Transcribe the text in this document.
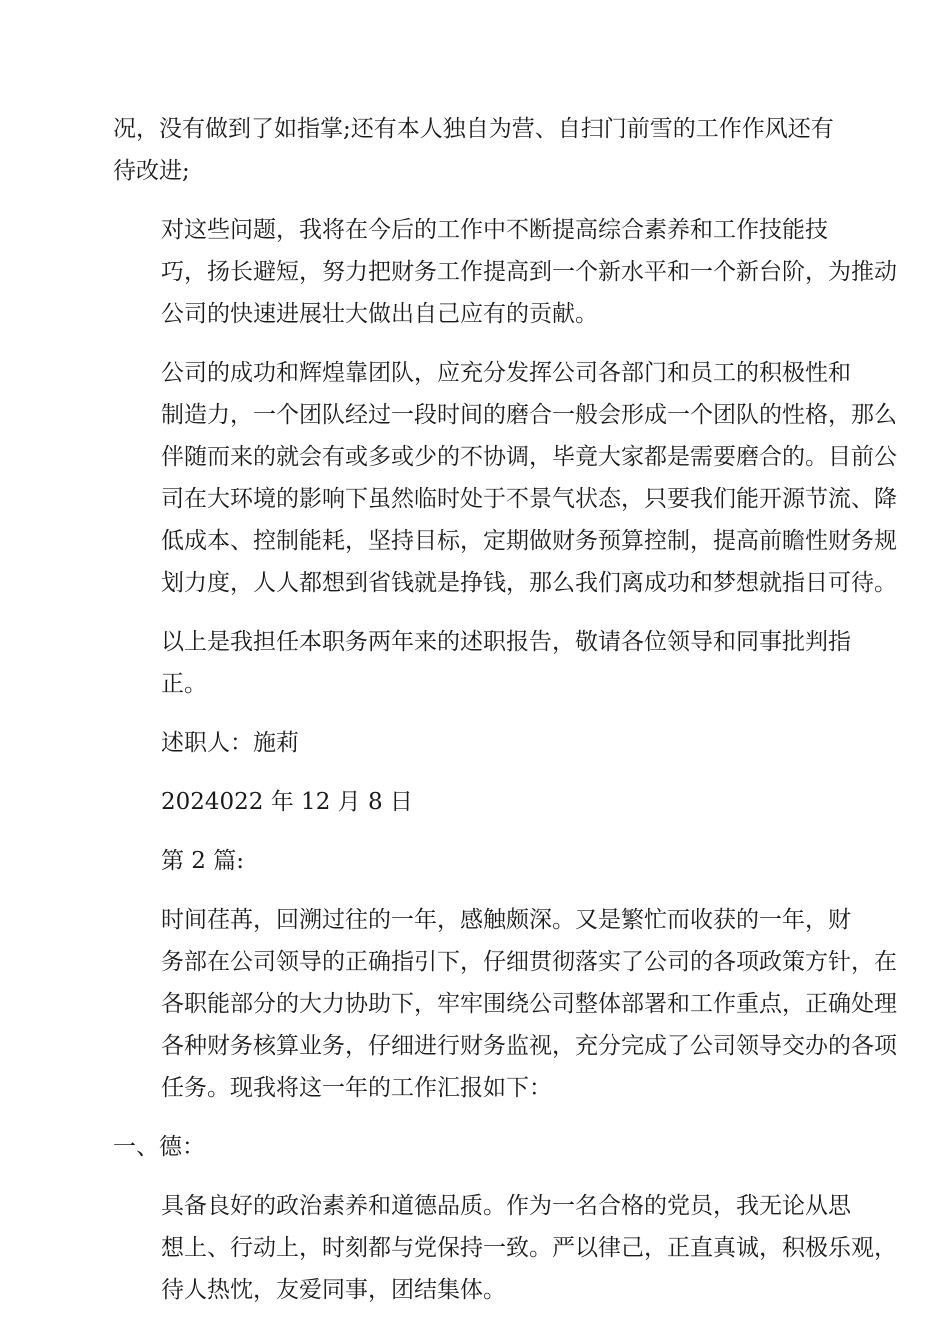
况，没有做到了如指掌;还有本人独自为营、自扫门前雪的工作作风还有
待改进;

对这些问题，我将在今后的工作中不断提高综合素养和工作技能技
巧，扬长避短，努力把财务工作提高到一个新水平和一个新台阶，为推动
公司的快速进展壮大做出自己应有的贡献。

公司的成功和辉煌靠团队，应充分发挥公司各部门和员工的积极性和
制造力，一个团队经过一段时间的磨合一般会形成一个团队的性格，那么
伴随而来的就会有或多或少的不协调，毕竟大家都是需要磨合的。目前公
司在大环境的影响下虽然临时处于不景气状态，只要我们能开源节流、降
低成本、控制能耗，坚持目标，定期做财务预算控制，提高前瞻性财务规
划力度，人人都想到省钱就是挣钱，那么我们离成功和梦想就指日可待。

以上是我担任本职务两年来的述职报告，敬请各位领导和同事批判指
正。

述职人：施莉

2024022 年 12 月 8 日

第 2 篇:

时间荏苒，回溯过往的一年，感触颇深。又是繁忙而收获的一年，财
务部在公司领导的正确指引下，仔细贯彻落实了公司的各项政策方针，在
各职能部分的大力协助下，牢牢围绕公司整体部署和工作重点，正确处理
各种财务核算业务，仔细进行财务监视，充分完成了公司领导交办的各项
任务。现我将这一年的工作汇报如下：

一、德：

具备良好的政治素养和道德品质。作为一名合格的党员，我无论从思
想上、行动上，时刻都与党保持一致。严以律己，正直真诚，积极乐观，
待人热忱，友爱同事，团结集体。
